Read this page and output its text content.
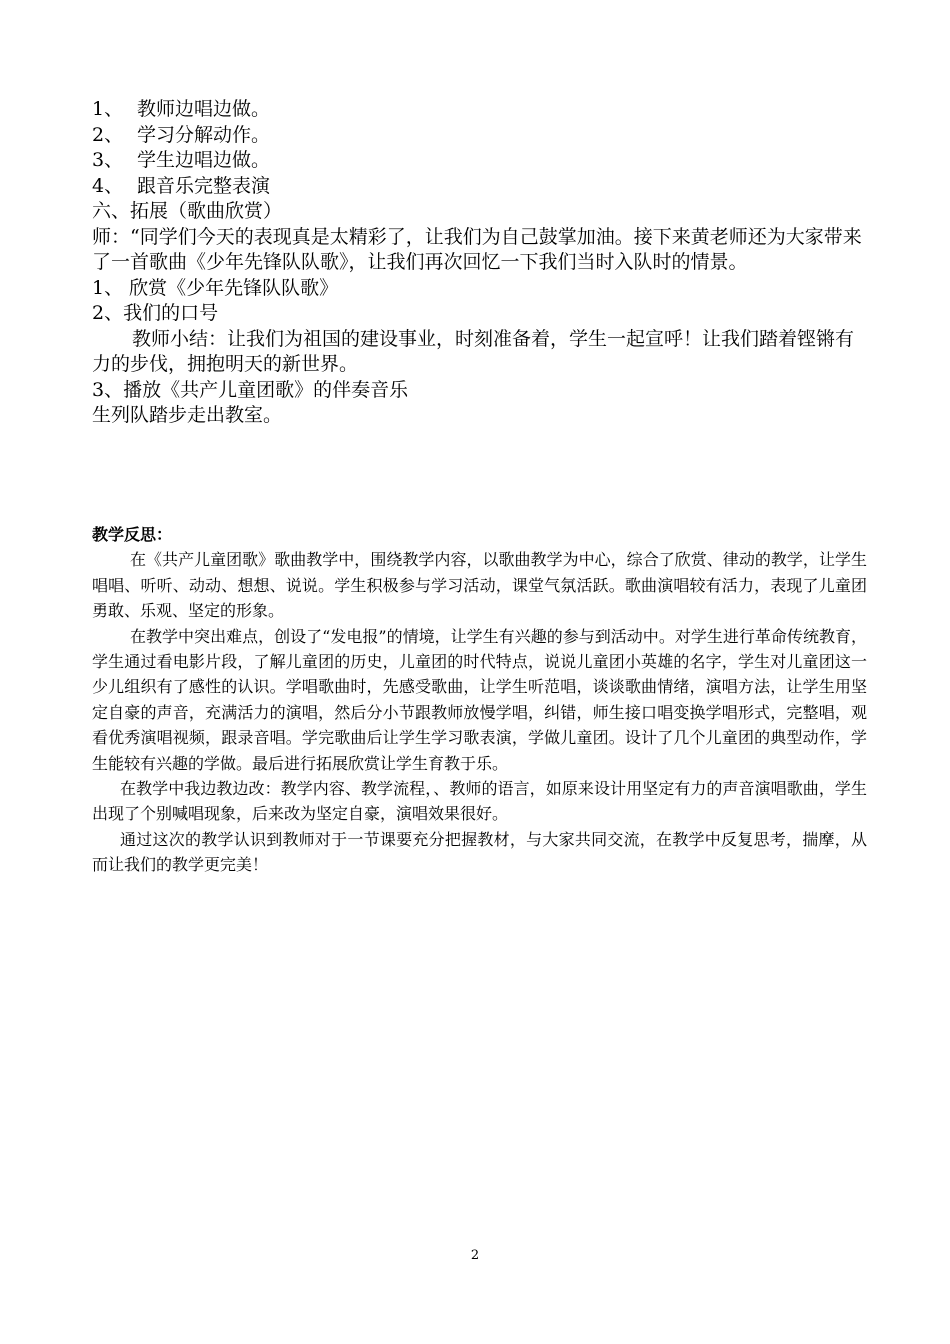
1、 教师边唱边做。

2、 学习分解动作。

3、 学生边唱边做。

4、 跟音乐完整表演

六、拓展（歌曲欣赏）

师：“同学们今天的表现真是太精彩了，让我们为自己鼓掌加油。接下来黄老师还为大家带来了一首歌曲《少年先锋队队歌》，让我们再次回忆一下我们当时入队时的情景。

1、 欣赏《少年先锋队队歌》

2、我们的口号

教师小结：让我们为祖国的建设事业，时刻准备着，学生一起宣呼！让我们踏着铿锵有力的步伐，拥抱明天的新世界。

3、播放《共产儿童团歌》的伴奏音乐

生列队踏步走出教室。

教学反思：

在《共产儿童团歌》歌曲教学中，围绕教学内容，以歌曲教学为中心，综合了欣赏、律动的教学，让学生唱唱、听听、动动、想想、说说。学生积极参与学习活动，课堂气氛活跃。歌曲演唱较有活力，表现了儿童团勇敢、乐观、坚定的形象。

在教学中突出难点，创设了“发电报”的情境，让学生有兴趣的参与到活动中。对学生进行革命传统教育，学生通过看电影片段，了解儿童团的历史，儿童团的时代特点，说说儿童团小英雄的名字，学生对儿童团这一少儿组织有了感性的认识。学唱歌曲时，先感受歌曲，让学生听范唱，谈谈歌曲情绪，演唱方法，让学生用坚定自豪的声音，充满活力的演唱，然后分小节跟教师放慢学唱，纠错，师生接口唱变换学唱形式，完整唱，观看优秀演唱视频，跟录音唱。学完歌曲后让学生学习歌表演，学做儿童团。设计了几个儿童团的典型动作，学生能较有兴趣的学做。最后进行拓展欣赏让学生育教于乐。

在教学中我边教边改：教学内容、教学流程，、教师的语言，如原来设计用坚定有力的声音演唱歌曲，学生出现了个别喊唱现象，后来改为坚定自豪，演唱效果很好。

通过这次的教学认识到教师对于一节课要充分把握教材，与大家共同交流，在教学中反复思考，揣摩，从而让我们的教学更完美！

2
